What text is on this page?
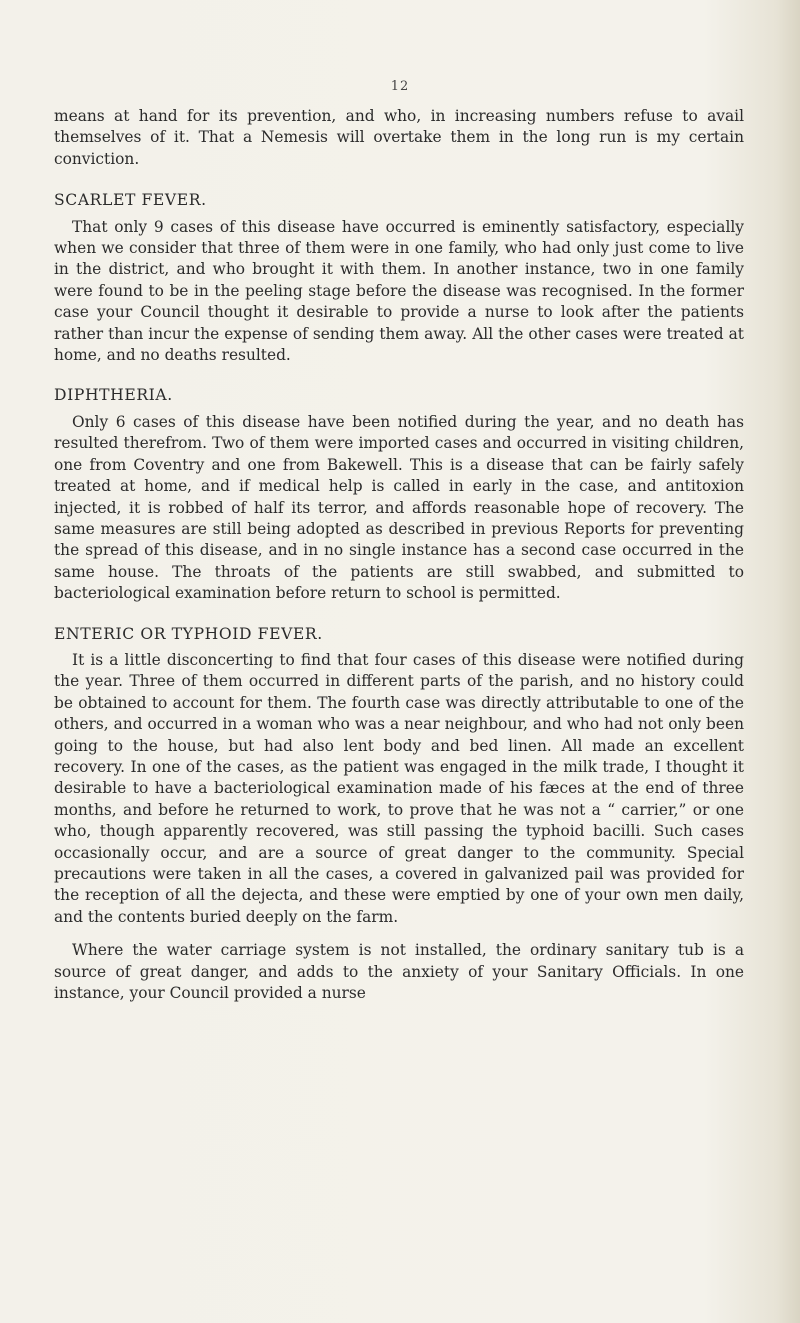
12

means at hand for its prevention, and who, in increasing numbers refuse to avail themselves of it. That a Nemesis will overtake them in the long run is my certain conviction.

SCARLET FEVER.

That only 9 cases of this disease have occurred is eminently satisfactory, especially when we consider that three of them were in one family, who had only just come to live in the district, and who brought it with them. In another instance, two in one family were found to be in the peeling stage before the disease was recognised. In the former case your Council thought it desirable to provide a nurse to look after the patients rather than incur the expense of sending them away. All the other cases were treated at home, and no deaths resulted.

DIPHTHERIA.

Only 6 cases of this disease have been notified during the year, and no death has resulted therefrom. Two of them were imported cases and occurred in visiting children, one from Coventry and one from Bakewell. This is a disease that can be fairly safely treated at home, and if medical help is called in early in the case, and antitoxion injected, it is robbed of half its terror, and affords reasonable hope of recovery. The same measures are still being adopted as described in previous Reports for preventing the spread of this disease, and in no single instance has a second case occurred in the same house. The throats of the patients are still swabbed, and submitted to bacteriological examination before return to school is permitted.

ENTERIC OR TYPHOID FEVER.

It is a little disconcerting to find that four cases of this disease were notified during the year. Three of them occurred in different parts of the parish, and no history could be obtained to account for them. The fourth case was directly attributable to one of the others, and occurred in a woman who was a near neighbour, and who had not only been going to the house, but had also lent body and bed linen. All made an excellent recovery. In one of the cases, as the patient was engaged in the milk trade, I thought it desirable to have a bacteriological examination made of his fæces at the end of three months, and before he returned to work, to prove that he was not a “ carrier,” or one who, though apparently recovered, was still passing the typhoid bacilli. Such cases occasionally occur, and are a source of great danger to the community. Special precautions were taken in all the cases, a covered in galvanized pail was provided for the reception of all the dejecta, and these were emptied by one of your own men daily, and the contents buried deeply on the farm.

Where the water carriage system is not installed, the ordinary sanitary tub is a source of great danger, and adds to the anxiety of your Sanitary Officials. In one instance, your Council provided a nurse
